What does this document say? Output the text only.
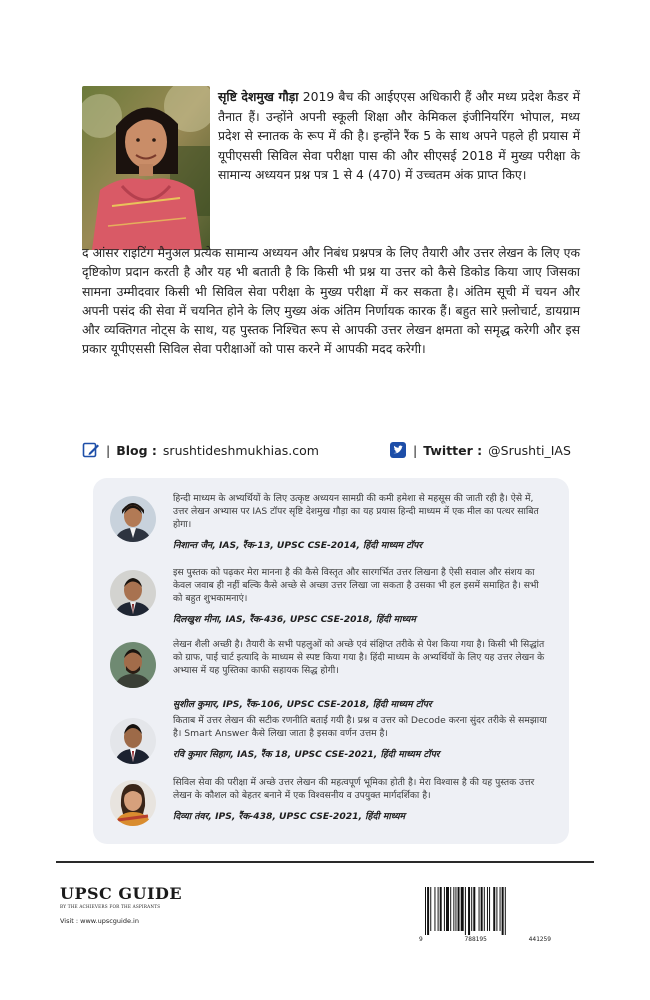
सृष्टि देशमुख गौड़ा 2019 बैच की आईएएस अधिकारी हैं और मध्य प्रदेश कैडर में तैनात हैं। उन्होंने अपनी स्कूली शिक्षा और केमिकल इंजीनियरिंग भोपाल, मध्य प्रदेश से स्नातक के रूप में की है। इन्होंने रैंक 5 के साथ अपने पहले ही प्रयास में यूपीएससी सिविल सेवा परीक्षा पास की और सीएसई 2018 में मुख्य परीक्षा के सामान्य अध्ययन प्रश्न पत्र 1 से 4 (470) में उच्चतम अंक प्राप्त किए।
द आंसर राइटिंग मैनुअल प्रत्येक सामान्य अध्ययन और निबंध प्रश्नपत्र के लिए तैयारी और उत्तर लेखन के लिए एक दृष्टिकोण प्रदान करती है और यह भी बताती है कि किसी भी प्रश्न या उत्तर को कैसे डिकोड किया जाए जिसका सामना उम्मीदवार किसी भी सिविल सेवा परीक्षा के मुख्य परीक्षा में कर सकता है। अंतिम सूची में चयन और अपनी पसंद की सेवा में चयनित होने के लिए मुख्य अंक अंतिम निर्णायक कारक हैं। बहुत सारे फ़्लोचार्ट, डायग्राम और व्यक्तिगत नोट्स के साथ, यह पुस्तक निश्चित रूप से आपकी उत्तर लेखन क्षमता को समृद्ध करेगी और इस प्रकार यूपीएससी सिविल सेवा परीक्षाओं को पास करने में आपकी मदद करेगी।
| Blog : srushtideshmukhias.com	| Twitter : @Srushti_IAS
हिन्दी माध्यम के अभ्यर्थियों के लिए उत्कृष्ट अध्ययन सामग्री की कमी हमेशा से महसूस की जाती रही है। ऐसे में, उत्तर लेखन अभ्यास पर IAS टॉपर सृष्टि देशमुख गौड़ा का यह प्रयास हिन्दी माध्यम में एक मील का पत्थर साबित होगा।
निशान्त जैन, IAS, रैंक-13, UPSC CSE-2014, हिंदी माध्यम टॉपर
इस पुस्तक को पढ़कर मेरा मानना है की कैसे विस्तृत और सारगर्भित उत्तर लिखना है ऐसी सवाल और संशय का केवल जवाब ही नहीं बल्कि कैसे अच्छे से अच्छा उत्तर लिखा जा सकता है उसका भी हल इसमें समाहित है। सभी को बहुत शुभकामनाएं।
दिलखुश मीना, IAS, रैंक-436, UPSC CSE-2018, हिंदी माध्यम
लेखन शैली अच्छी है। तैयारी के सभी पहलुओं को अच्छे एवं संक्षिप्त तरीके से पेश किया गया है। किसी भी सिद्धांत को ग्राफ, पाई चार्ट इत्यादि के माध्यम से स्पष्ट किया गया है। हिंदी माध्यम के अभ्यर्थियों के लिए यह उत्तर लेखन के अभ्यास में यह पुस्तिका काफी सहायक सिद्ध होगी।
सुशील कुमार, IPS, रैंक-106, UPSC CSE-2018, हिंदी माध्यम टॉपर
किताब में उत्तर लेखन की सटीक रणनीति बताई गयी है। प्रश्न व उत्तर को Decode करना सुंदर तरीके से समझाया है। Smart Answer कैसे लिखा जाता है इसका वर्णन उत्तम है।
रवि कुमार सिहाग, IAS, रैंक 18, UPSC CSE-2021, हिंदी माध्यम टॉपर
सिविल सेवा की परीक्षा में अच्छे उत्तर लेखन की महत्वपूर्ण भूमिका होती है। मेरा विश्वास है की यह पुस्तक उत्तर लेखन के कौशल को बेहतर बनाने में एक विश्वसनीय व उपयुक्त मार्गदर्शिका है।
दिव्या तंवर, IPS, रैंक-438, UPSC CSE-2021, हिंदी माध्यम
UPSC GUIDE
BY THE ACHIEVERS FOR THE ASPIRANTS
Visit : www.upscguide.in
9	788195	441259
